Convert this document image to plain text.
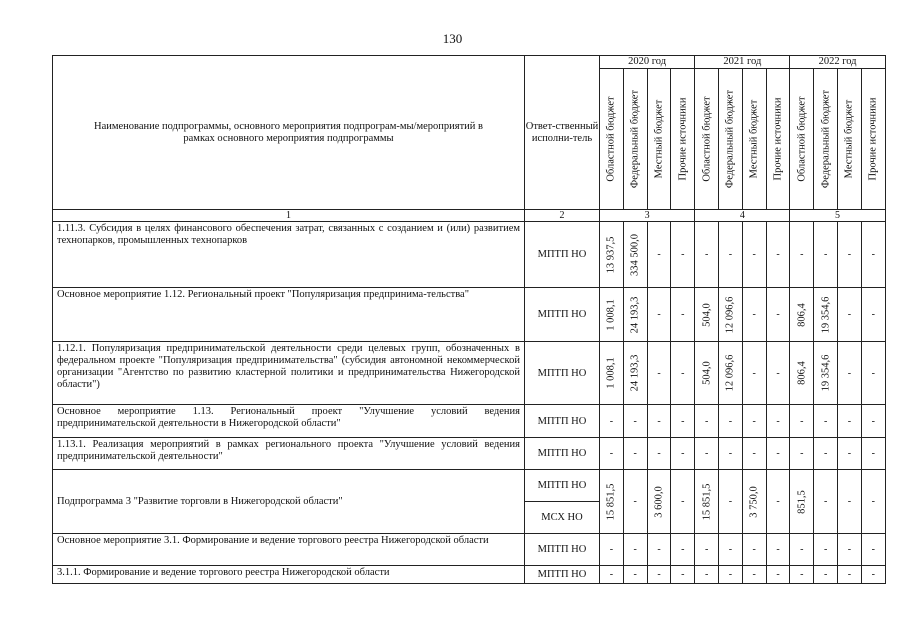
130
Наименование подпрограммы, основного мероприятия подпрограм-мы/мероприятий в рамках основного мероприятия подпрограммы	Ответ-ственный исполни-тель	2020 год				2021 год				2022 год			

		Областной бюджет	Федеральный бюджет	Местный бюджет	Прочие источники	Областной бюджет	Федеральный бюджет	Местный бюджет	Прочие источники	Областной бюджет	Федеральный бюджет	Местный бюджет	Прочие источники

1	2	3				4				5			
1.11.3. Субсидия в целях финансового обеспечения затрат, связанных с созданием и (или) развитием технопарков, промышленных технопарков	МПТП НО	13 937,5	334 500,0	-	-	-	-	-	-	-	-	-	-
Основное мероприятие 1.12. Региональный проект "Популяризация предпринима-тельства"	МПТП НО	1 008,1	24 193,3	-	-	504,0	12 096,6	-	-	806,4	19 354,6	-	-
1.12.1. Популяризация предпринимательской деятельности среди целевых групп, обозначенных в федеральном проекте "Популяризация предпринимательства" (субсидия автономной некоммерческой организации "Агентство по развитию кластерной политики и предпринимательства Нижегородской области")	МПТП НО	1 008,1	24 193,3	-	-	504,0	12 096,6	-	-	806,4	19 354,6	-	-
Основное мероприятие 1.13. Региональный проект "Улучшение условий ведения предпринимательской деятельности в Нижегородской области"	МПТП НО	-	-	-	-	-	-	-	-	-	-	-	-
1.13.1. Реализация мероприятий в рамках регионального проекта "Улучшение условий ведения предпринимательской деятельности"	МПТП НО	-	-	-	-	-	-	-	-	-	-	-	-
Подпрограмма 3 "Развитие торговли в Нижегородской области"	МПТП НО	15 851,5	-	3 600,0	-	15 851,5	-	3 750,0	-	851,5	-	-	-
	МСХ НО												
Основное мероприятие 3.1. Формирование и ведение торгового реестра Нижегородской области	МПТП НО	-	-	-	-	-	-	-	-	-	-	-	-
3.1.1. Формирование и ведение торгового реестра Нижегородской области	МПТП НО	-	-	-	-	-	-	-	-	-	-	-	-
